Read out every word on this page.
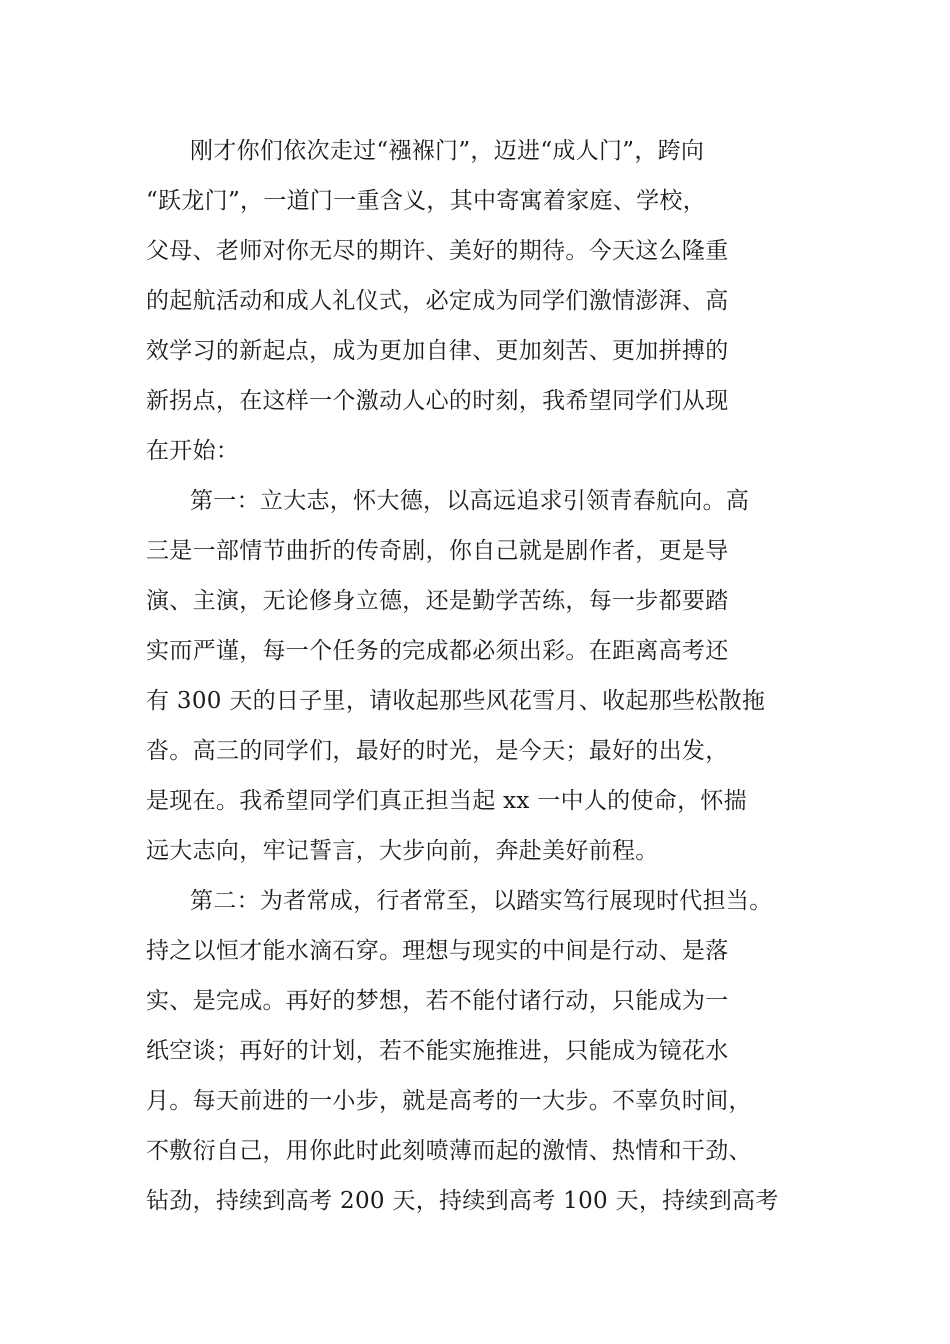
刚才你们依次走过“襁褓门”，迈进“成人门”，跨向
“跃龙门”，一道门一重含义，其中寄寓着家庭、学校，
父母、老师对你无尽的期许、美好的期待。今天这么隆重
的起航活动和成人礼仪式，必定成为同学们激情澎湃、高
效学习的新起点，成为更加自律、更加刻苦、更加拼搏的
新拐点，在这样一个激动人心的时刻，我希望同学们从现
在开始：
第一：立大志，怀大德，以高远追求引领青春航向。高
三是一部情节曲折的传奇剧，你自己就是剧作者，更是导
演、主演，无论修身立德，还是勤学苦练，每一步都要踏
实而严谨，每一个任务的完成都必须出彩。在距离高考还
有 300 天的日子里，请收起那些风花雪月、收起那些松散拖
沓。高三的同学们，最好的时光，是今天；最好的出发，
是现在。我希望同学们真正担当起 xx 一中人的使命，怀揣
远大志向，牢记誓言，大步向前，奔赴美好前程。
第二：为者常成，行者常至，以踏实笃行展现时代担当。
持之以恒才能水滴石穿。理想与现实的中间是行动、是落
实、是完成。再好的梦想，若不能付诸行动，只能成为一
纸空谈；再好的计划，若不能实施推进，只能成为镜花水
月。每天前进的一小步，就是高考的一大步。不辜负时间，
不敷衍自己，用你此时此刻喷薄而起的激情、热情和干劲、
钻劲，持续到高考 200 天，持续到高考 100 天，持续到高考
